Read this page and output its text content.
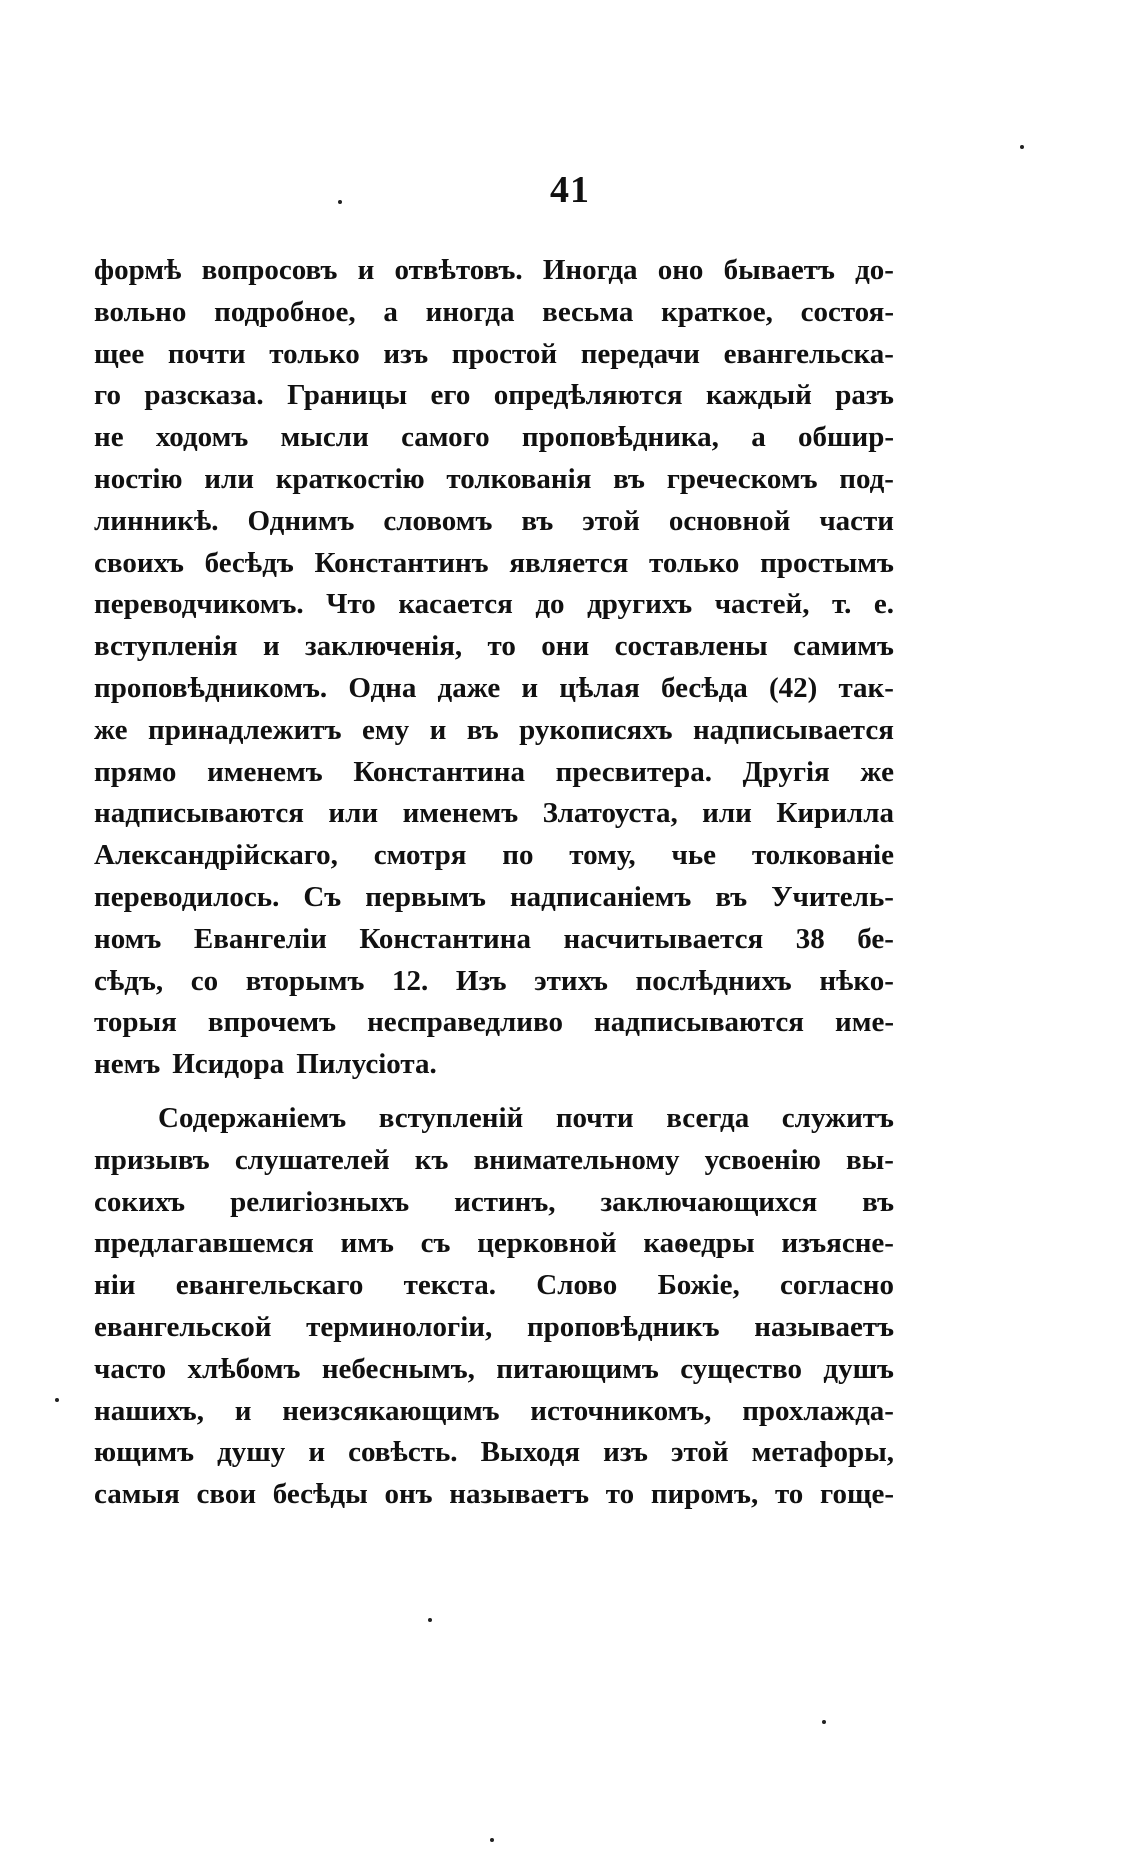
41
формѣ вопросовъ и отвѣтовъ. Иногда оно бываетъ до-
вольно подробное, а иногда весьма краткое, состоя-
щее почти только изъ простой передачи евангельска-
го разсказа. Границы его опредѣляются каждый разъ
не ходомъ мысли самого проповѣдника, а обшир-
ностію или краткостію толкованія въ греческомъ под-
линникѣ. Однимъ словомъ въ этой основной части
своихъ бесѣдъ Константинъ является только простымъ
переводчикомъ. Что касается до другихъ частей, т. е.
вступленія и заключенія, то они составлены самимъ
проповѣдникомъ. Одна даже и цѣлая бесѣда (42) так-
же принадлежитъ ему и въ рукописяхъ надписывается
прямо именемъ Константина пресвитера. Другія же
надписываются или именемъ Златоуста, или Кирилла
Александрійскаго, смотря по тому, чье толкованіе
переводилось. Съ первымъ надписаніемъ въ Учитель-
номъ Евангеліи Константина насчитывается 38 бе-
сѣдъ, со вторымъ 12. Изъ этихъ послѣднихъ нѣко-
торыя впрочемъ несправедливо надписываются име-
немъ Исидора Пилусіота.
Содержаніемъ вступленій почти всегда служитъ
призывъ слушателей къ внимательному усвоенію вы-
сокихъ религіозныхъ истинъ, заключающихся въ
предлагавшемся имъ съ церковной каѳедры изъясне-
ніи евангельскаго текста. Слово Божіе, согласно
евангельской терминологіи, проповѣдникъ называетъ
часто хлѣбомъ небеснымъ, питающимъ существо душъ
нашихъ, и неизсякающимъ источникомъ, прохлажда-
ющимъ душу и совѣсть. Выходя изъ этой метафоры,
самыя свои бесѣды онъ называетъ то пиромъ, то гоще-
